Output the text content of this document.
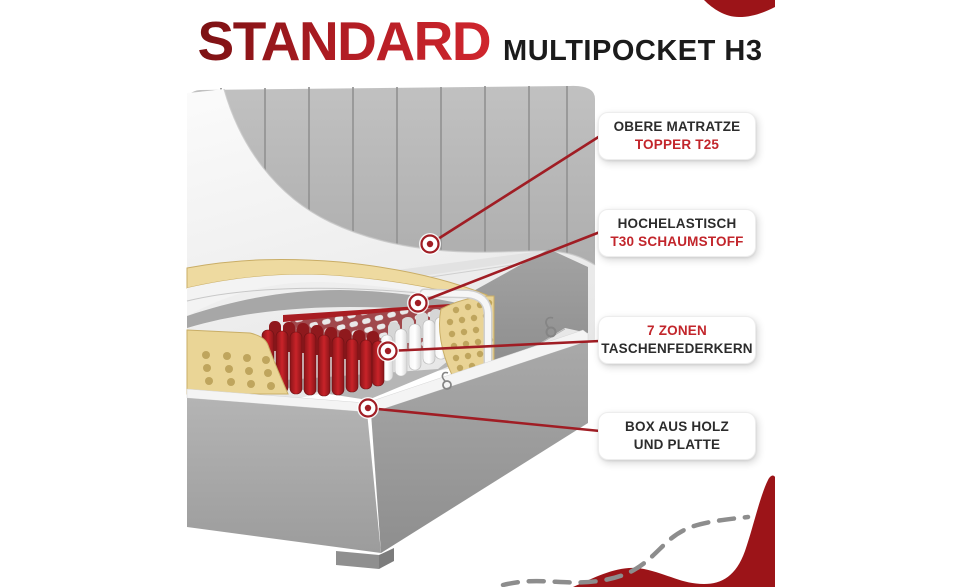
STANDARD MULTIPOCKET H3
OBERE MATRATZE
TOPPER T25
HOCHELASTISCH
T30 SCHAUMSTOFF
7 ZONEN
TASCHENFEDERKERN
BOX AUS HOLZ
UND PLATTE
